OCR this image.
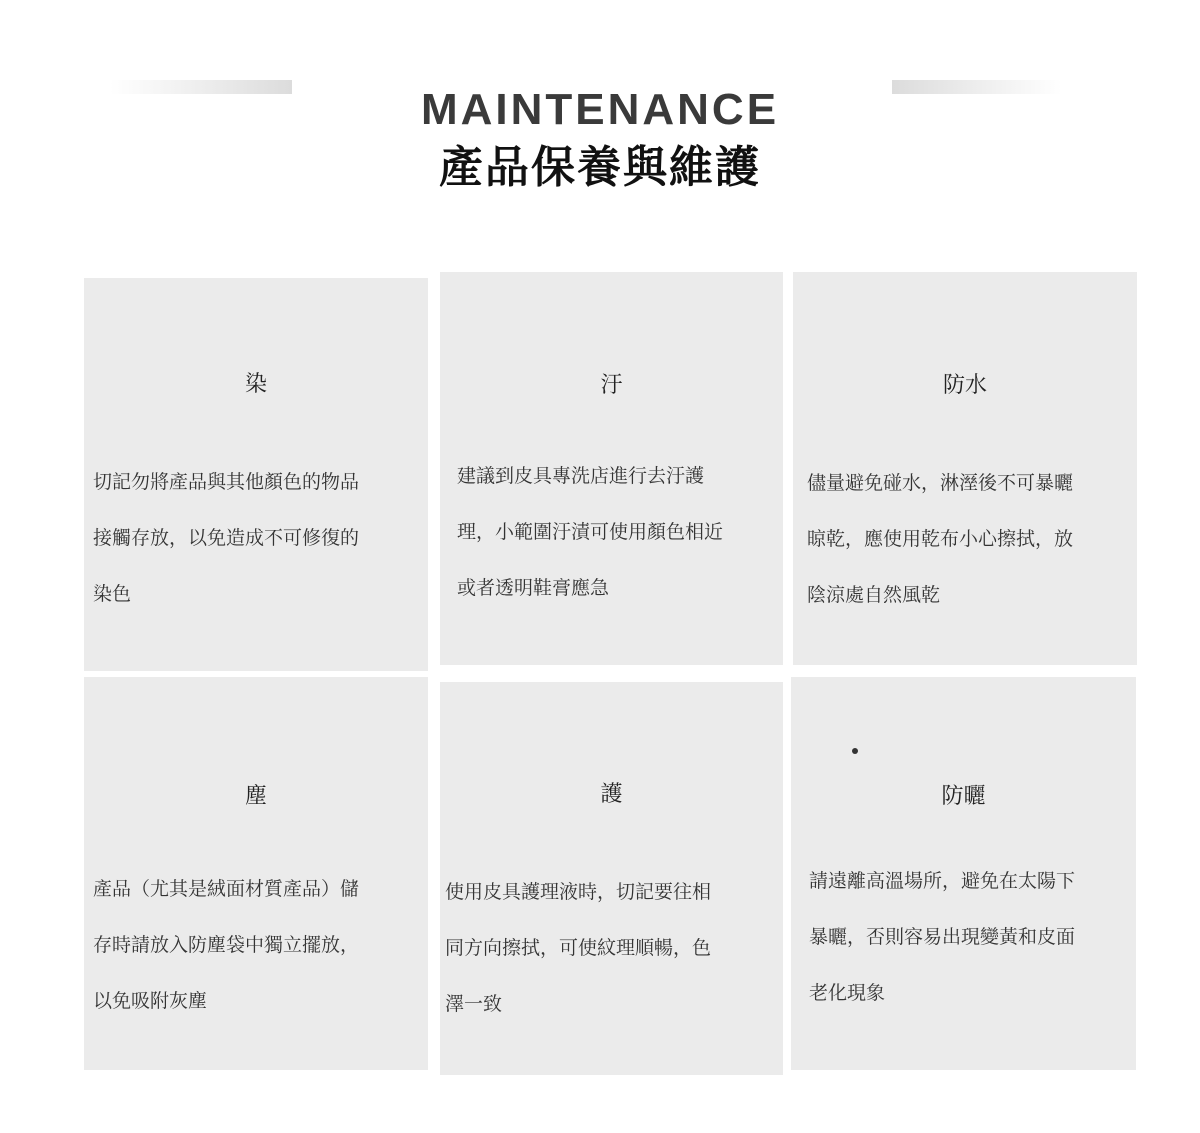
MAINTENANCE
產品保養與維護
染
切記勿將產品與其他顏色的物品
接觸存放，以免造成不可修復的
染色
汙
建議到皮具專洗店進行去汙護
理，小範圍汙漬可使用顏色相近
或者透明鞋膏應急
防水
儘量避免碰水，淋溼後不可暴曬
晾乾，應使用乾布小心擦拭，放
陰涼處自然風乾
塵
產品（尤其是絨面材質產品）儲
存時請放入防塵袋中獨立擺放，
以免吸附灰塵
護
使用皮具護理液時，切記要往相
同方向擦拭，可使紋理順暢，色
澤一致
防曬
請遠離高溫場所，避免在太陽下
暴曬，否則容易出現變黃和皮面
老化現象
